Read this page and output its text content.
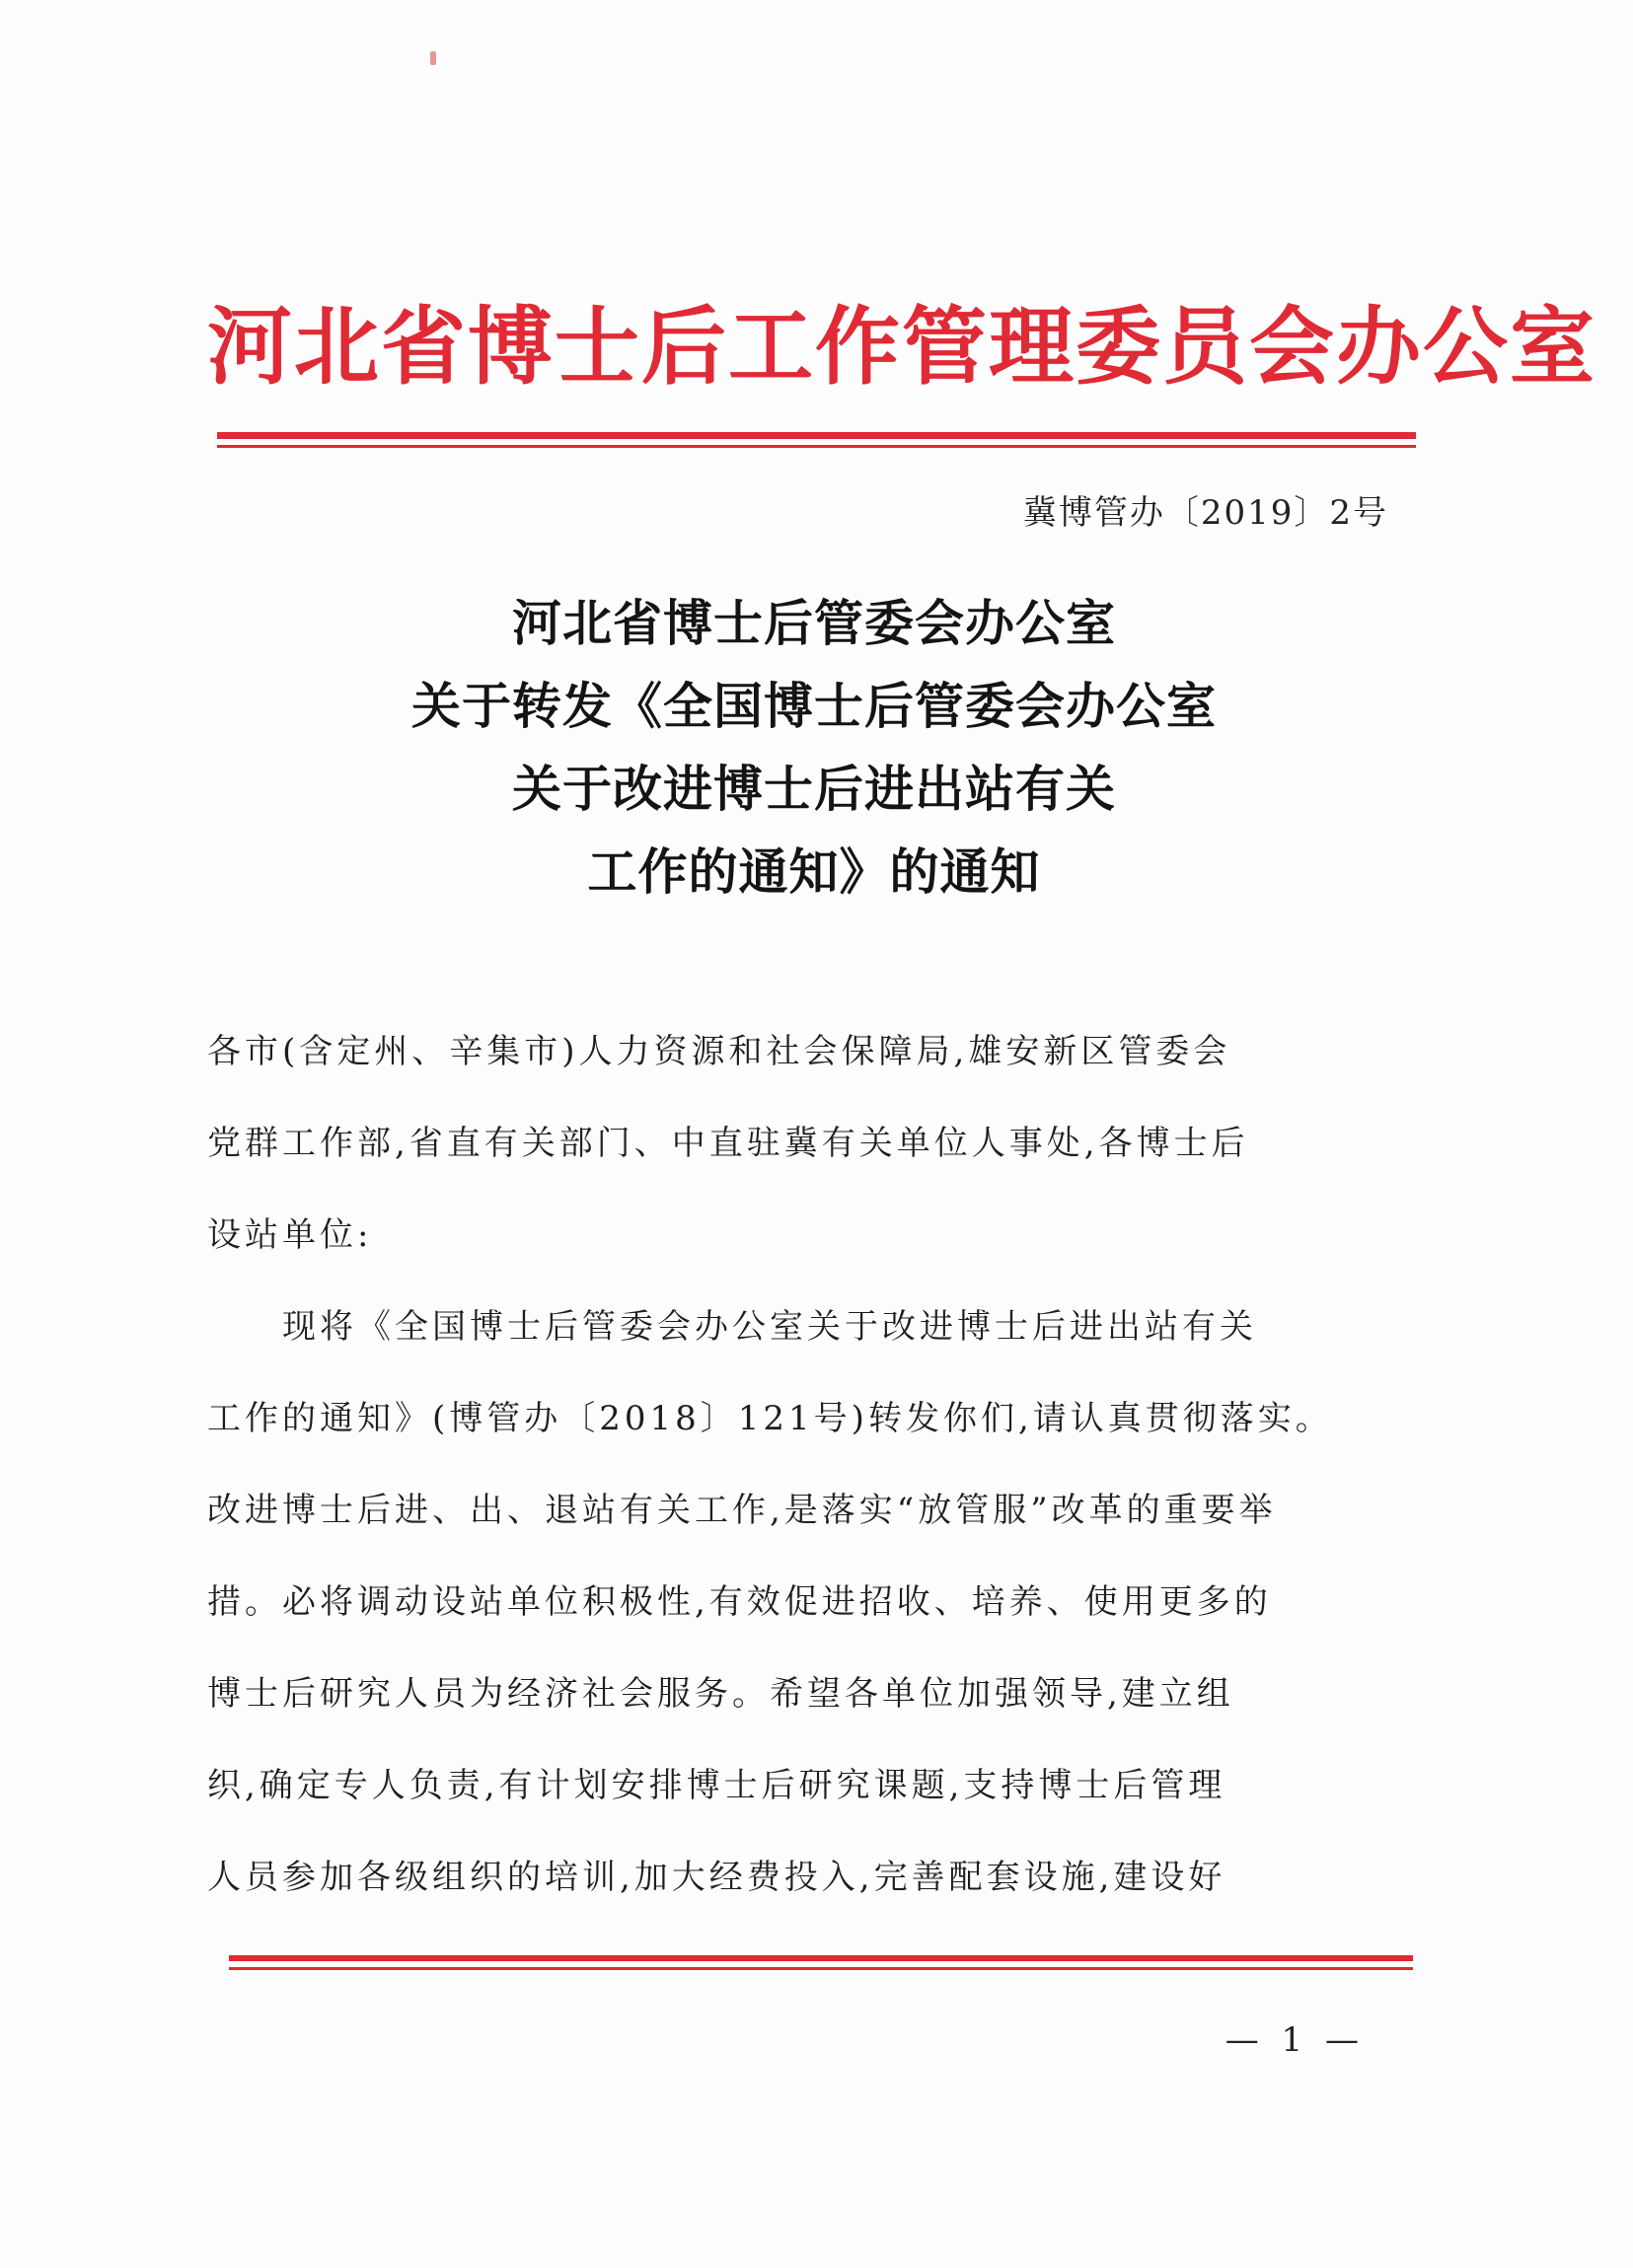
河北省博士后工作管理委员会办公室
冀博管办〔2019〕2号
河北省博士后管委会办公室
关于转发《全国博士后管委会办公室
关于改进博士后进出站有关
工作的通知》的通知
各市(含定州、辛集市)人力资源和社会保障局,雄安新区管委会
党群工作部,省直有关部门、中直驻冀有关单位人事处,各博士后
设站单位:
　　现将《全国博士后管委会办公室关于改进博士后进出站有关
工作的通知》(博管办〔2018〕121号)转发你们,请认真贯彻落实。
改进博士后进、出、退站有关工作,是落实“放管服”改革的重要举
措。必将调动设站单位积极性,有效促进招收、培养、使用更多的
博士后研究人员为经济社会服务。希望各单位加强领导,建立组
织,确定专人负责,有计划安排博士后研究课题,支持博士后管理
人员参加各级组织的培训,加大经费投入,完善配套设施,建设好
— 1 —
